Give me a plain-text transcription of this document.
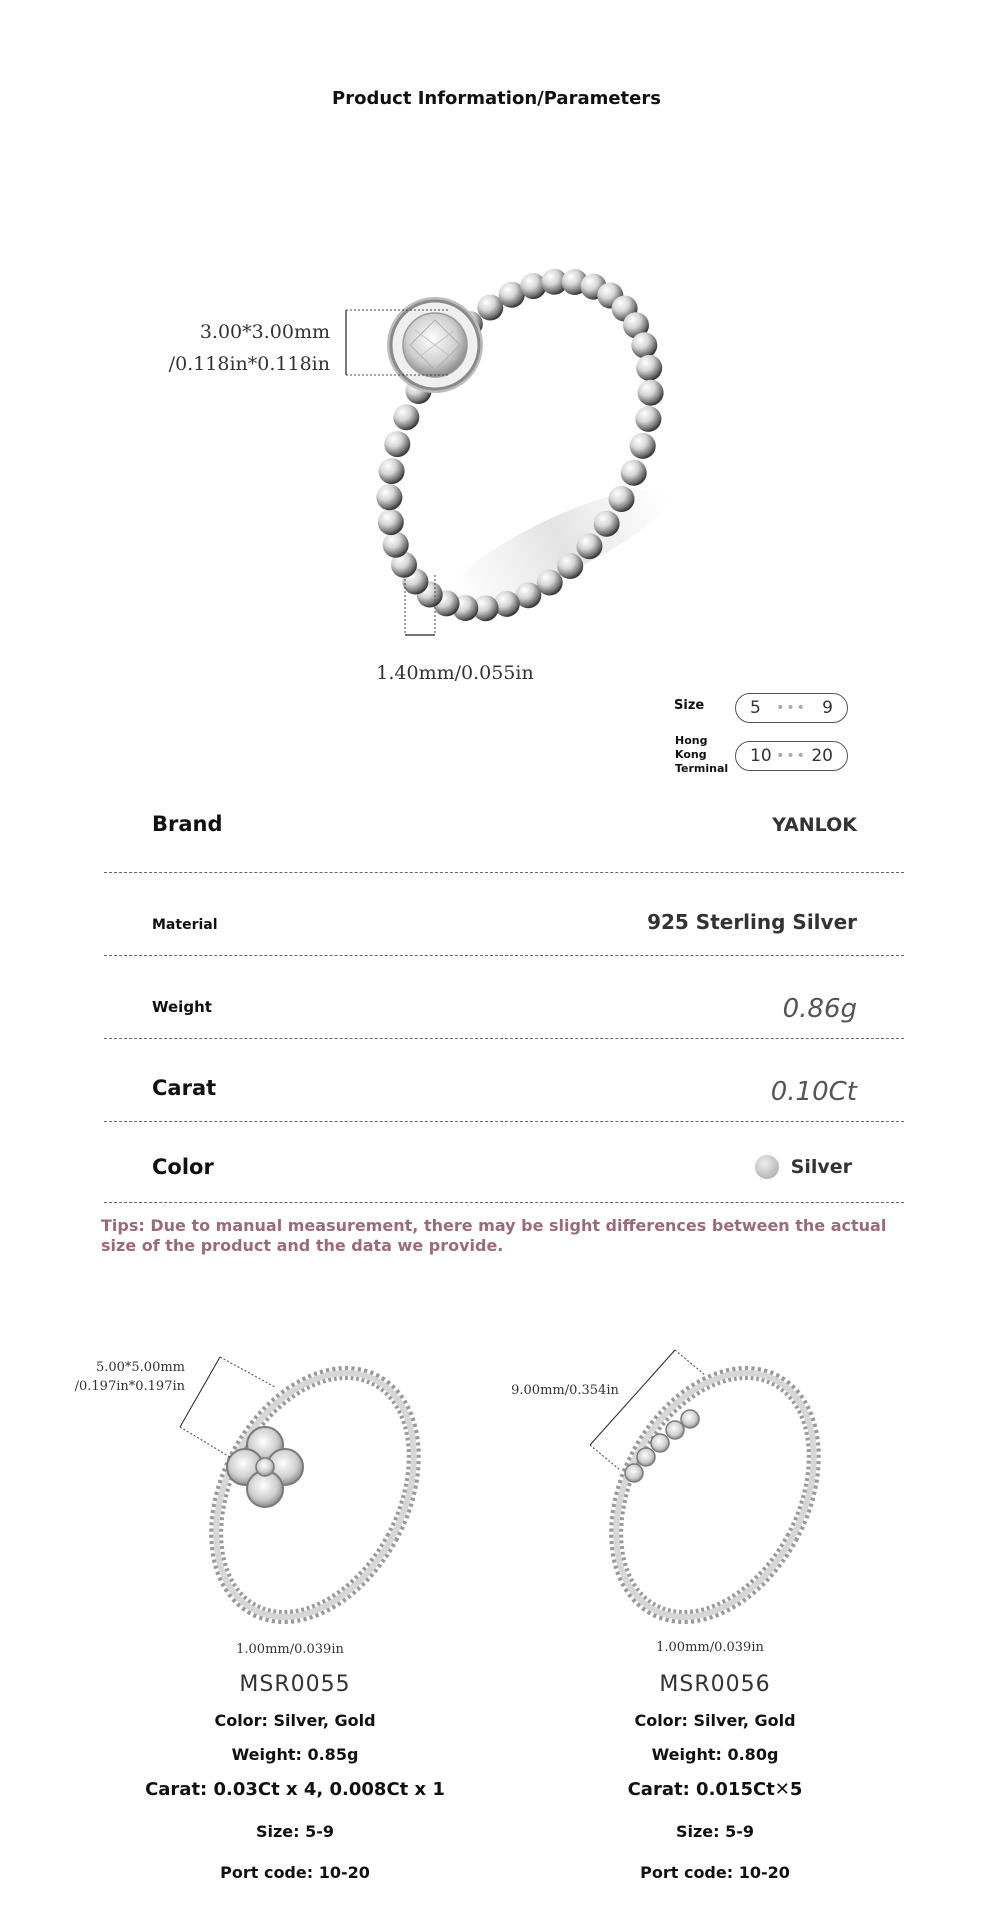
Product Information/Parameters
3.00*3.00mm
/0.118in*0.118in
1.40mm/0.055in
Size	5 ••• 9
Hong
Kong
Terminal
10 ••• 20
Brand	YANLOK
Material	925 Sterling Silver
Weight	0.86g
Carat	0.10Ct
Color	Silver
Tips: Due to manual measurement, there may be slight differences between the actual size of the product and the data we provide.
5.00*5.00mm
/0.197in*0.197in
1.00mm/0.039in
9.00mm/0.354in
1.00mm/0.039in
MSR0055
Color: Silver, Gold
Weight: 0.85g
Carat: 0.03Ct x 4, 0.008Ct x 1
Size: 5-9
Port code: 10-20
MSR0056
Color: Silver, Gold
Weight: 0.80g
Carat: 0.015Ct✕5
Size: 5-9
Port code: 10-20
